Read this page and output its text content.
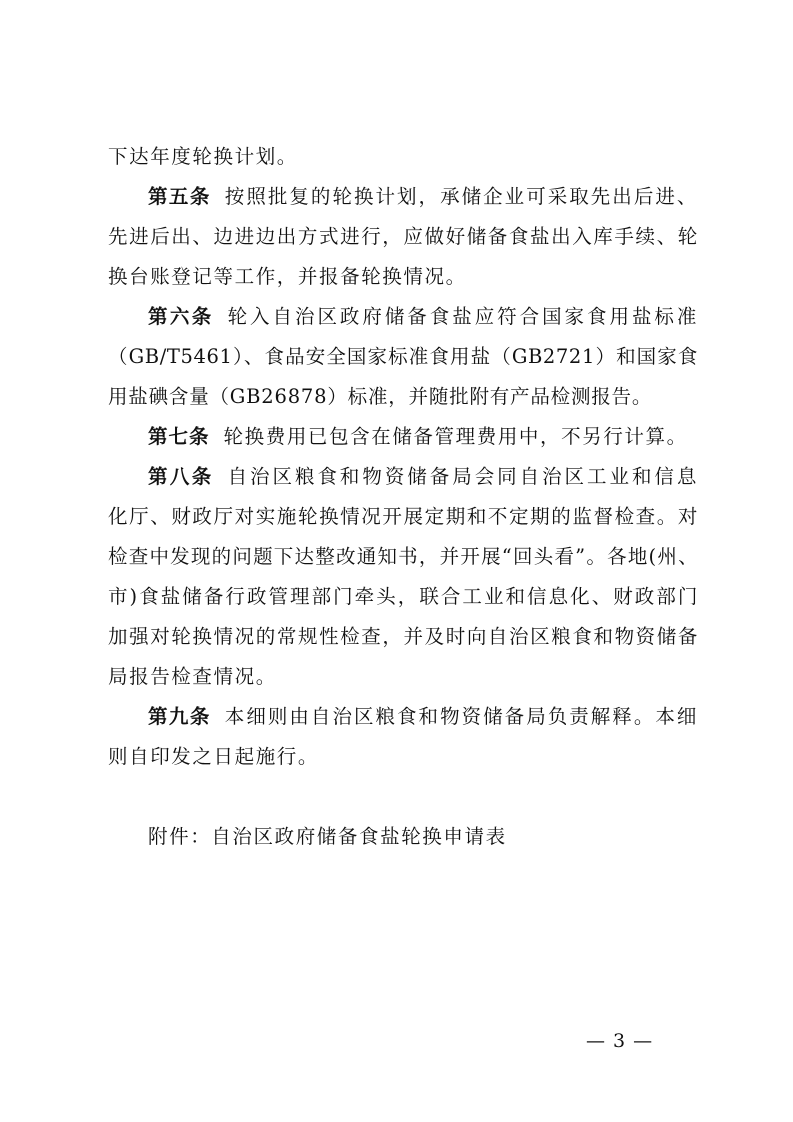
下达年度轮换计划。
第五条 按照批复的轮换计划，承储企业可采取先出后进、
先进后出、边进边出方式进行，应做好储备食盐出入库手续、轮
换台账登记等工作，并报备轮换情况。
第六条 轮入自治区政府储备食盐应符合国家食用盐标准
（GB/T5461）、食品安全国家标准食用盐（GB2721）和国家食
用盐碘含量（GB26878）标准，并随批附有产品检测报告。
第七条 轮换费用已包含在储备管理费用中，不另行计算。
第八条 自治区粮食和物资储备局会同自治区工业和信息
化厅、财政厅对实施轮换情况开展定期和不定期的监督检查。对
检查中发现的问题下达整改通知书，并开展“回头看”。各地(州、
市)食盐储备行政管理部门牵头，联合工业和信息化、财政部门
加强对轮换情况的常规性检查，并及时向自治区粮食和物资储备
局报告检查情况。
第九条 本细则由自治区粮食和物资储备局负责解释。本细
则自印发之日起施行。
附件：自治区政府储备食盐轮换申请表
— 3 —
